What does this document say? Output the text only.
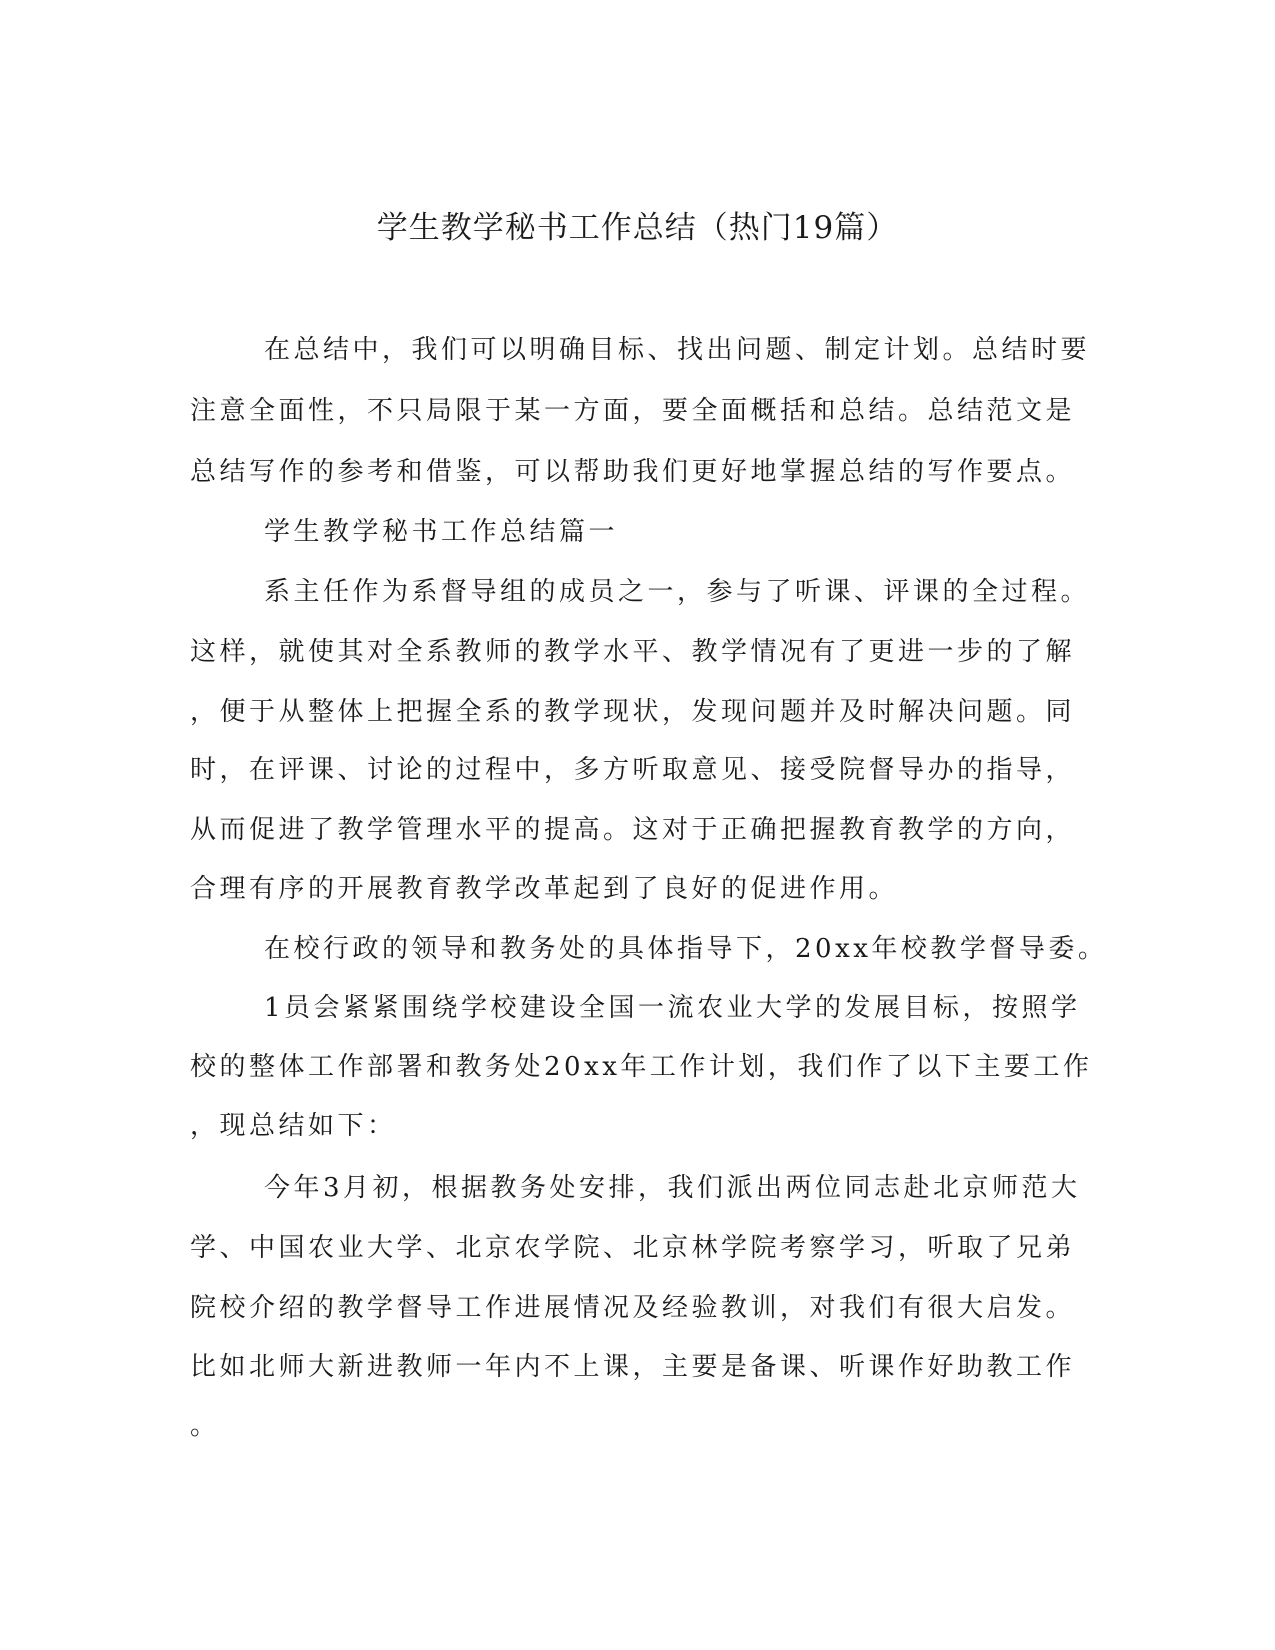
学生教学秘书工作总结（热门19篇）
在总结中，我们可以明确目标、找出问题、制定计划。总结时要
注意全面性，不只局限于某一方面，要全面概括和总结。总结范文是
总结写作的参考和借鉴，可以帮助我们更好地掌握总结的写作要点。
学生教学秘书工作总结篇一
系主任作为系督导组的成员之一，参与了听课、评课的全过程。
这样，就使其对全系教师的教学水平、教学情况有了更进一步的了解
，便于从整体上把握全系的教学现状，发现问题并及时解决问题。同
时，在评课、讨论的过程中，多方听取意见、接受院督导办的指导，
从而促进了教学管理水平的提高。这对于正确把握教育教学的方向，
合理有序的开展教育教学改革起到了良好的促进作用。
在校行政的领导和教务处的具体指导下，20xx年校教学督导委。
1员会紧紧围绕学校建设全国一流农业大学的发展目标，按照学
校的整体工作部署和教务处20xx年工作计划，我们作了以下主要工作
，现总结如下：
今年3月初，根据教务处安排，我们派出两位同志赴北京师范大
学、中国农业大学、北京农学院、北京林学院考察学习，听取了兄弟
院校介绍的教学督导工作进展情况及经验教训，对我们有很大启发。
比如北师大新进教师一年内不上课，主要是备课、听课作好助教工作
。
